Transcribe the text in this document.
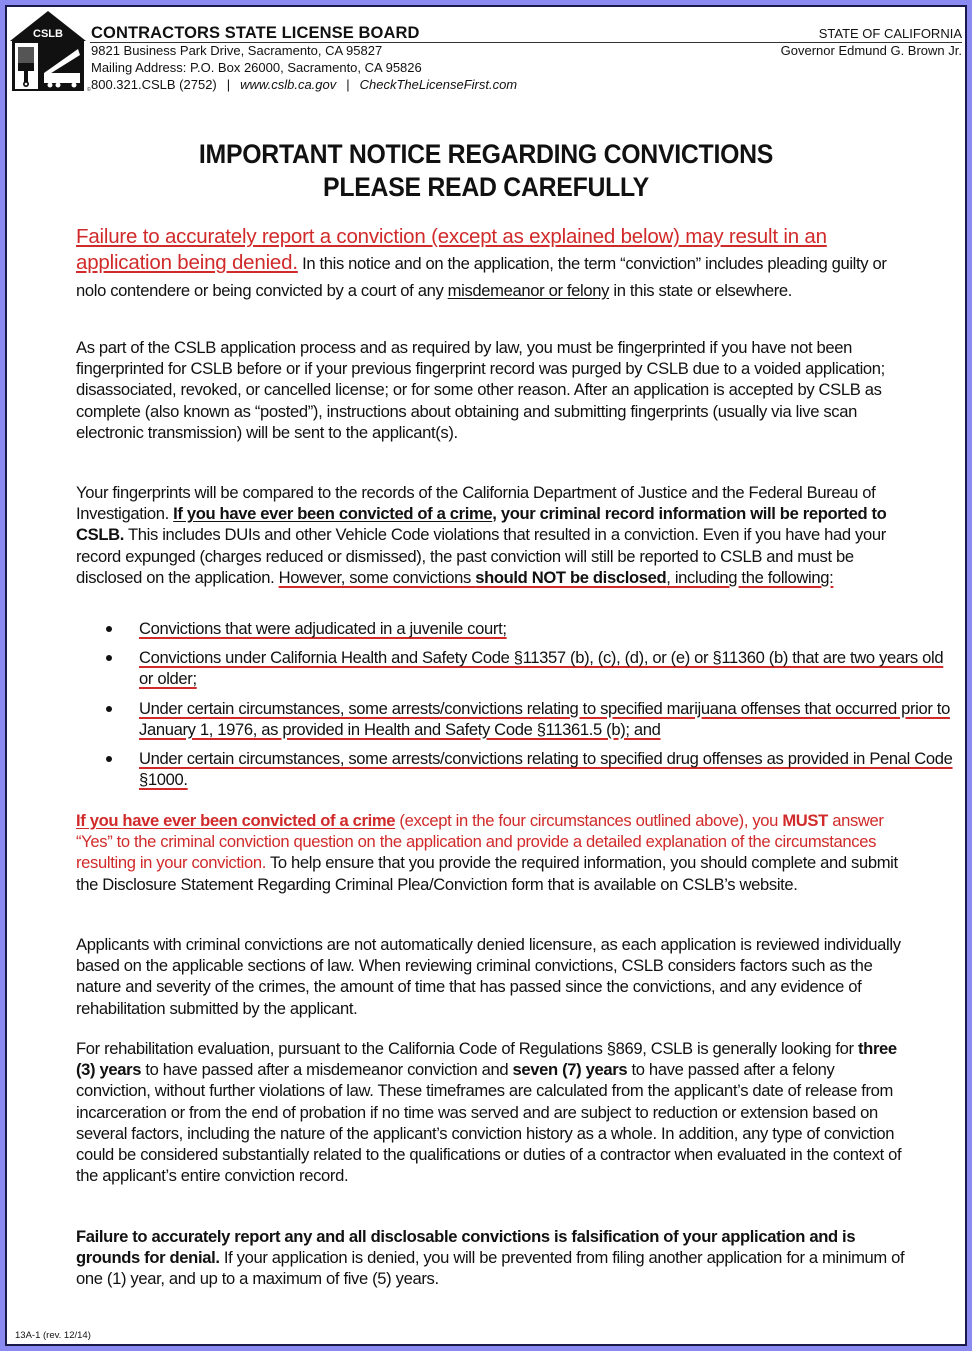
CSLB
©
CONTRACTORS STATE LICENSE BOARD
9821 Business Park Drive, Sacramento, CA 95827
Mailing Address: P.O. Box 26000, Sacramento, CA 95826
800.321.CSLB (2752) | www.cslb.ca.gov | CheckTheLicenseFirst.com
STATE OF CALIFORNIA
Governor Edmund G. Brown Jr.
IMPORTANT NOTICE REGARDING CONVICTIONS
PLEASE READ CAREFULLY
Failure to accurately report a conviction (except as explained below) may result in an application being denied. In this notice and on the application, the term “conviction” includes pleading guilty or nolo contendere or being convicted by a court of any misdemeanor or felony in this state or elsewhere.
As part of the CSLB application process and as required by law, you must be fingerprinted if you have not been fingerprinted for CSLB before or if your previous fingerprint record was purged by CSLB due to a voided application; disassociated, revoked, or cancelled license; or for some other reason. After an application is accepted by CSLB as complete (also known as “posted”), instructions about obtaining and submitting fingerprints (usually via live scan electronic transmission) will be sent to the applicant(s).
Your fingerprints will be compared to the records of the California Department of Justice and the Federal Bureau of Investigation. If you have ever been convicted of a crime, your criminal record information will be reported to CSLB. This includes DUIs and other Vehicle Code violations that resulted in a conviction. Even if you have had your record expunged (charges reduced or dismissed), the past conviction will still be reported to CSLB and must be disclosed on the application. However, some convictions should NOT be disclosed, including the following:
Convictions that were adjudicated in a juvenile court;
Convictions under California Health and Safety Code §11357 (b), (c), (d), or (e) or §11360 (b) that are two years old or older;
Under certain circumstances, some arrests/convictions relating to specified marijuana offenses that occurred prior to January 1, 1976, as provided in Health and Safety Code §11361.5 (b); and
Under certain circumstances, some arrests/convictions relating to specified drug offenses as provided in Penal Code §1000.
If you have ever been convicted of a crime (except in the four circumstances outlined above), you MUST answer “Yes” to the criminal conviction question on the application and provide a detailed explanation of the circumstances resulting in your conviction. To help ensure that you provide the required information, you should complete and submit the Disclosure Statement Regarding Criminal Plea/Conviction form that is available on CSLB’s website.
Applicants with criminal convictions are not automatically denied licensure, as each application is reviewed individually based on the applicable sections of law. When reviewing criminal convictions, CSLB considers factors such as the nature and severity of the crimes, the amount of time that has passed since the convictions, and any evidence of rehabilitation submitted by the applicant.
For rehabilitation evaluation, pursuant to the California Code of Regulations §869, CSLB is generally looking for three (3) years to have passed after a misdemeanor conviction and seven (7) years to have passed after a felony conviction, without further violations of law. These timeframes are calculated from the applicant’s date of release from incarceration or from the end of probation if no time was served and are subject to reduction or extension based on several factors, including the nature of the applicant’s conviction history as a whole. In addition, any type of conviction could be considered substantially related to the qualifications or duties of a contractor when evaluated in the context of the applicant’s entire conviction record.
Failure to accurately report any and all disclosable convictions is falsification of your application and is grounds for denial. If your application is denied, you will be prevented from filing another application for a minimum of one (1) year, and up to a maximum of five (5) years.
13A-1 (rev. 12/14)
